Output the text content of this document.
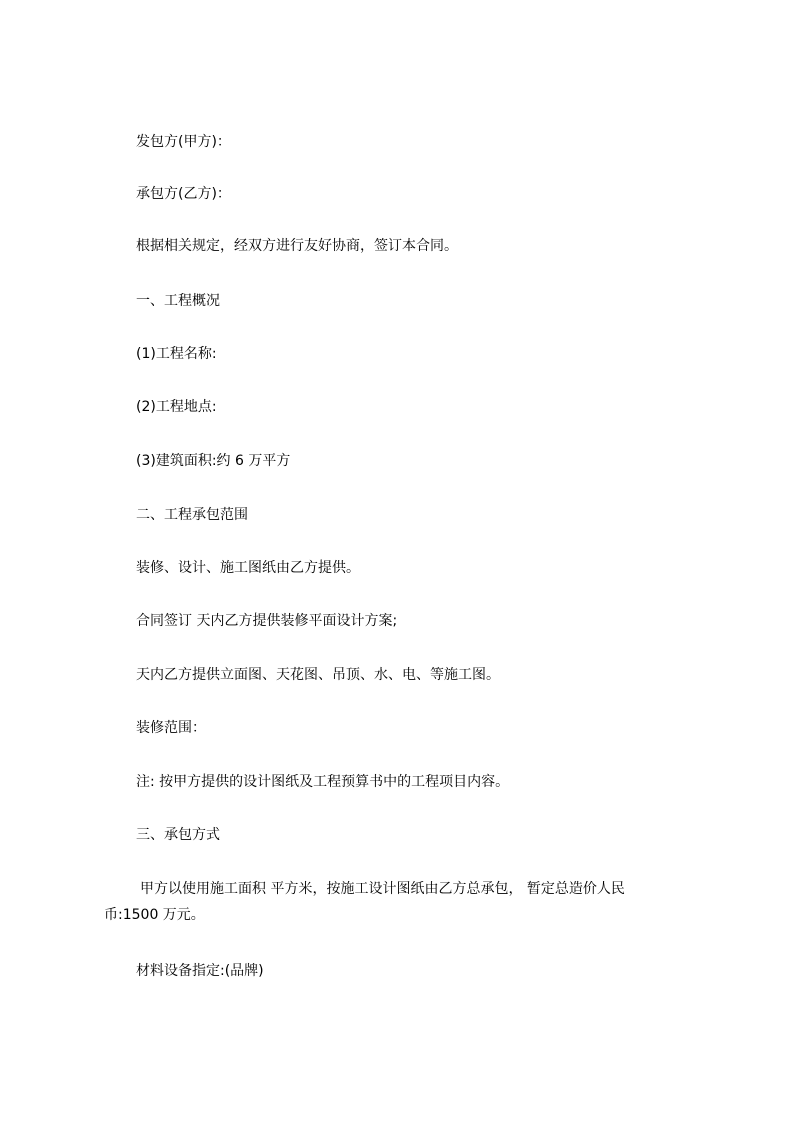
发包方(甲方)：

承包方(乙方)：

根据相关规定，经双方进行友好协商，签订本合同。

一、工程概况

(1)工程名称:

(2)工程地点:

(3)建筑面积:约 6 万平方

二、工程承包范围

装修、设计、施工图纸由乙方提供。

合同签订 天内乙方提供装修平面设计方案;

天内乙方提供立面图、天花图、吊顶、水、电、等施工图。

装修范围：

注: 按甲方提供的设计图纸及工程预算书中的工程项目内容。

三、承包方式

甲方以使用施工面积 平方米，按施工设计图纸由乙方总承包， 暂定总造价人民
币:1500 万元。

材料设备指定:(品牌)
